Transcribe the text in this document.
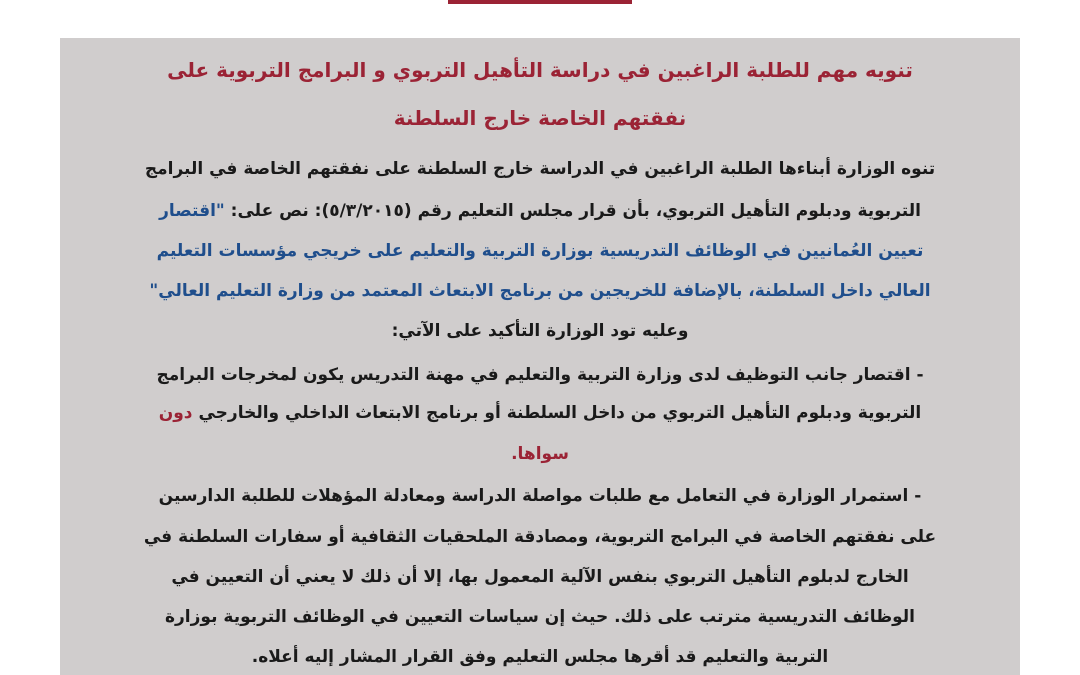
تنويه مهم للطلبة الراغبين في دراسة التأهيل التربوي و البرامج التربوية على
نفقتهم الخاصة خارج السلطنة
تنوه الوزارة أبناءها الطلبة الراغبين في الدراسة خارج السلطنة على نفقتهم الخاصة في البرامج
التربوية ودبلوم التأهيل التربوي، بأن قرار مجلس التعليم رقم (٥/٣/٢٠١٥): نص على: "اقتصار
تعيين العُمانيين في الوظائف التدريسية بوزارة التربية والتعليم على خريجي مؤسسات التعليم
العالي داخل السلطنة، بالإضافة للخريجين من برنامج الابتعاث المعتمد من وزارة التعليم العالي"
وعليه تود الوزارة التأكيد على الآتي:
- اقتصار جانب التوظيف لدى وزارة التربية والتعليم في مهنة التدريس يكون لمخرجات البرامج
التربوية ودبلوم التأهيل التربوي من داخل السلطنة أو برنامج الابتعاث الداخلي والخارجي دون
سواها.
- استمرار الوزارة في التعامل مع طلبات مواصلة الدراسة ومعادلة المؤهلات للطلبة الدارسين
على نفقتهم الخاصة في البرامج التربوية، ومصادقة الملحقيات الثقافية أو سفارات السلطنة في
الخارج لدبلوم التأهيل التربوي بنفس الآلية المعمول بها، إلا أن ذلك لا يعني أن التعيين في
الوظائف التدريسية مترتب على ذلك. حيث إن سياسات التعيين في الوظائف التربوية بوزارة
التربية والتعليم قد أقرها مجلس التعليم وفق القرار المشار إليه أعلاه.
